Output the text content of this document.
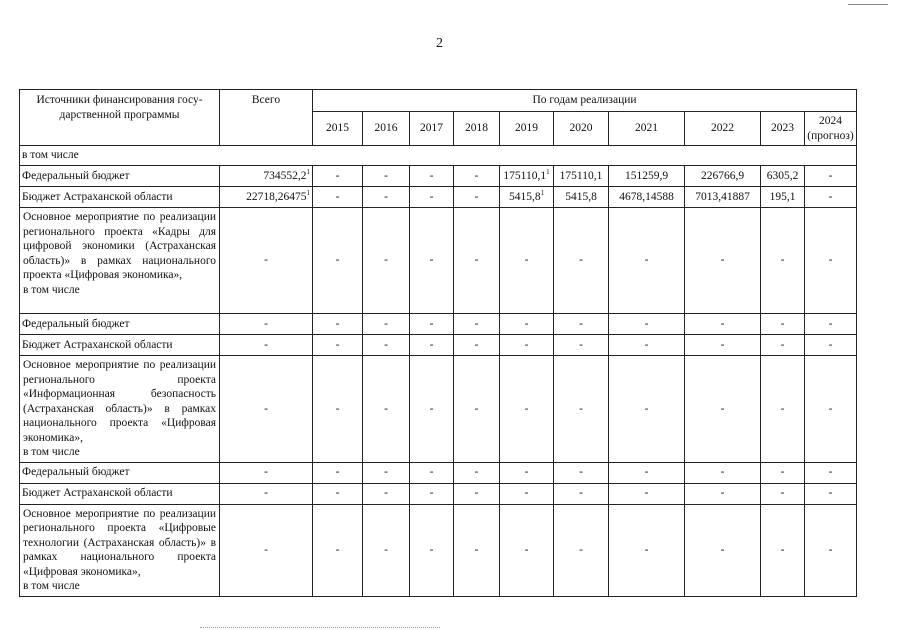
2
Источники финансирования госу-дарственной программы	Всего	По годам реализации									
		2015	2016	2017	2018	2019	2020	2021	2022	2023	2024
(прогноз)

в том числе											
Федеральный бюджет	734552,2$^1$	-	-	-	-	175110,1$^1$	175110,1	151259,9	226766,9	6305,2	-
Бюджет Астраханской области	22718,26475$^1$	-	-	-	-	5415,8$^1$	5415,8	4678,14588	7013,41887	195,1	-

Основное мероприятие по реализации регионального проекта «Кадры для цифровой экономики (Астраханская область)» в рамках национального проекта «Цифровая экономика»,
в том числе	-	-	-	-	-	-	-	-	-	-	-
Федеральный бюджет	-	-	-	-	-	-	-	-	-	-	-
Бюджет Астраханской области	-	-	-	-	-	-	-	-	-	-	-

Основное мероприятие по реализации регионального проекта «Информационная безопасность (Астраханская область)» в рамках национального проекта «Цифровая экономика»,
в том числе	-	-	-	-	-	-	-	-	-	-	-
Федеральный бюджет	-	-	-	-	-	-	-	-	-	-	-
Бюджет Астраханской области	-	-	-	-	-	-	-	-	-	-	-

Основное мероприятие по реализации регионального проекта «Цифровые технологии (Астраханская область)» в рамках национального проекта «Цифровая экономика»,
в том числе	-	-	-	-	-	-	-	-	-	-	-
